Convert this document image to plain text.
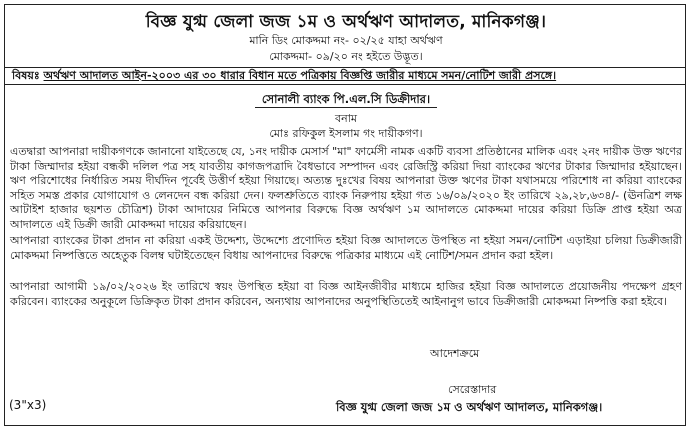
বিজ্ঞ যুগ্ম জেলা জজ ১ম ও অর্থঋণ আদালত, মানিকগঞ্জ।
মানি ডিং মোকদ্দমা নং- ০২/২৫ যাহা অর্থঋণ
মোকদ্দমা- ০৯/২০ নং হইতে উদ্ভূত।
বিষয়ঃ অর্থঋণ আদালত আইন-২০০৩ এর ৩০ ধারার বিধান মতে পত্রিকায় বিজ্ঞপ্তি জারীর মাধ্যমে সমন/নোটিশ জারী প্রসঙ্গে।
সোনালী ব্যাংক পি.এল.সি ডিক্রীদার।
বনাম
মোঃ রফিকুল ইসলাম গং দায়ীকগণ।

এতদ্বারা আপনারা দায়ীকগণকে জানানো যাইতেছে যে, ১নং দায়ীক মেসার্স "মা" ফার্মেসী নামক একটি ব্যবসা প্রতিষ্ঠানের মালিক এবং ২নং দায়ীক উক্ত ঋণের টাকা জিম্মাদার হইয়া বন্ধকী দলিল পত্র সহ যাবতীয় কাগজপত্রাদি বৈধভাবে সম্পাদন এবং রেজিস্ট্রি করিয়া দিয়া ব্যাংকের ঋণের টাকার জিম্মাদার হইয়াছেন। ঋণ পরিশোধের নির্ধারিত সময় দীর্ঘদিন পূর্বেই উত্তীর্ণ হইয়া গিয়াছে। অত্যন্ত দুঃখের বিষয় আপনারা উক্ত ঋণের টাকা যথাসময়ে পরিশোধ না করিয়া ব্যাংকের সহিত সমস্ত প্রকার যোগাযোগ ও লেনদেন বন্ধ করিয়া দেন। ফলশ্রুতিতে ব্যাংক নিরুপায় হইয়া গত ১৬/০৯/২০২০ ইং তারিখে ২৯,২৮,৬৩৪/- (ঊনত্রিশ লক্ষ আটাইশ হাজার ছয়শত চৌত্রিশ) টাকা আদায়ের নিমিত্তে আপনার বিরুদ্ধে বিজ্ঞ অর্থঋণ ১ম আদালতে মোকদ্দমা দায়ের করিয়া ডিক্রি প্রাপ্ত হইয়া অত্র আদালতে এই ডিক্রী জারী মোকদ্দমা দায়ের করিয়াছেন।

আপনারা ব্যাংকের টাকা প্রদান না করিয়া একই উদ্দেশ্য, উদ্দেশ্যে প্রণোদিত হইয়া বিজ্ঞ আদালতে উপস্থিত না হইয়া সমন/নোটিশ এড়াইয়া চলিয়া ডিক্রীজারী মোকদ্দমা নিষ্পত্তিতে অহেতুক বিলম্ব ঘটাইতেছেন বিধায় আপনাদের বিরুদ্ধে পত্রিকার মাধ্যমে এই নোটিশ/সমন প্রদান করা হইল।

আপনারা আগামী ১৯/০২/২০২৬ ইং তারিখে স্বয়ং উপস্থিত হইয়া বা বিজ্ঞ আইনজীবীর মাধ্যমে হাজির হইয়া বিজ্ঞ আদালতে প্রয়োজনীয় পদক্ষেপ গ্রহণ করিবেন। ব্যাংকের অনুকূলে ডিক্রিকৃত টাকা প্রদান করিবেন, অন্যথায় আপনাদের অনুপস্থিতিতেই আইনানুগ ভাবে ডিক্রীজারী মোকদ্দমা নিষ্পত্তি করা হইবে।

আদেশক্রমে
সেরেস্তাদার
বিজ্ঞ যুগ্ম জেলা জজ ১ম ও অর্থঋণ আদালত, মানিকগঞ্জ।
(3"x3)
